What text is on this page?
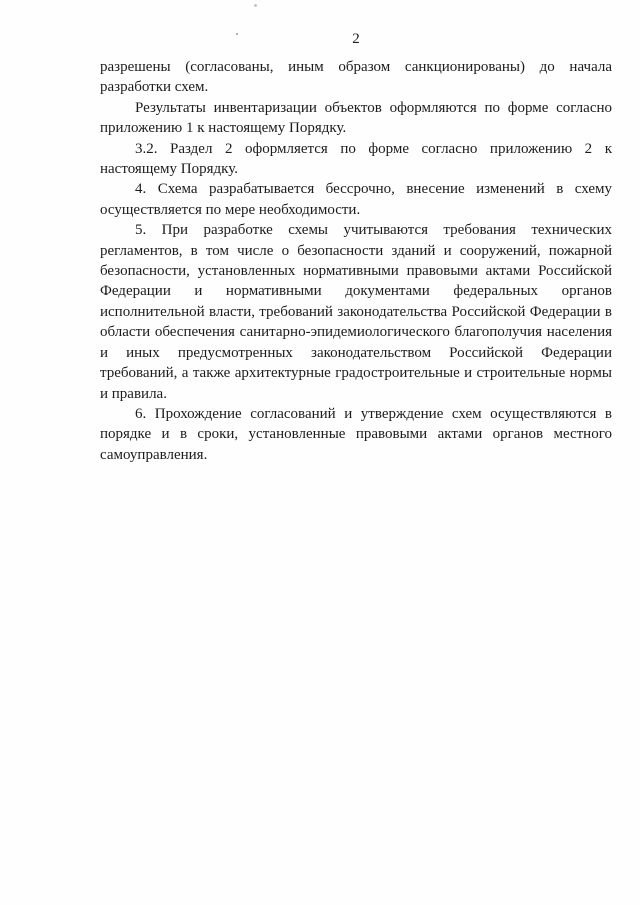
2

разрешены (согласованы, иным образом санкционированы) до начала разработки схем.

Результаты инвентаризации объектов оформляются по форме согласно приложению 1 к настоящему Порядку.

3.2. Раздел 2 оформляется по форме согласно приложению 2 к настоящему Порядку.

4. Схема разрабатывается бессрочно, внесение изменений в схему осуществляется по мере необходимости.

5. При разработке схемы учитываются требования технических регламентов, в том числе о безопасности зданий и сооружений, пожарной безопасности, установленных нормативными правовыми актами Российской Федерации и нормативными документами федеральных органов исполнительной власти, требований законодательства Российской Федерации в области обеспечения санитарно-эпидемиологического благополучия населения и иных предусмотренных законодательством Российской Федерации требований, а также архитектурные градостроительные и строительные нормы и правила.

6. Прохождение согласований и утверждение схем осуществляются в порядке и в сроки, установленные правовыми актами органов местного самоуправления.
